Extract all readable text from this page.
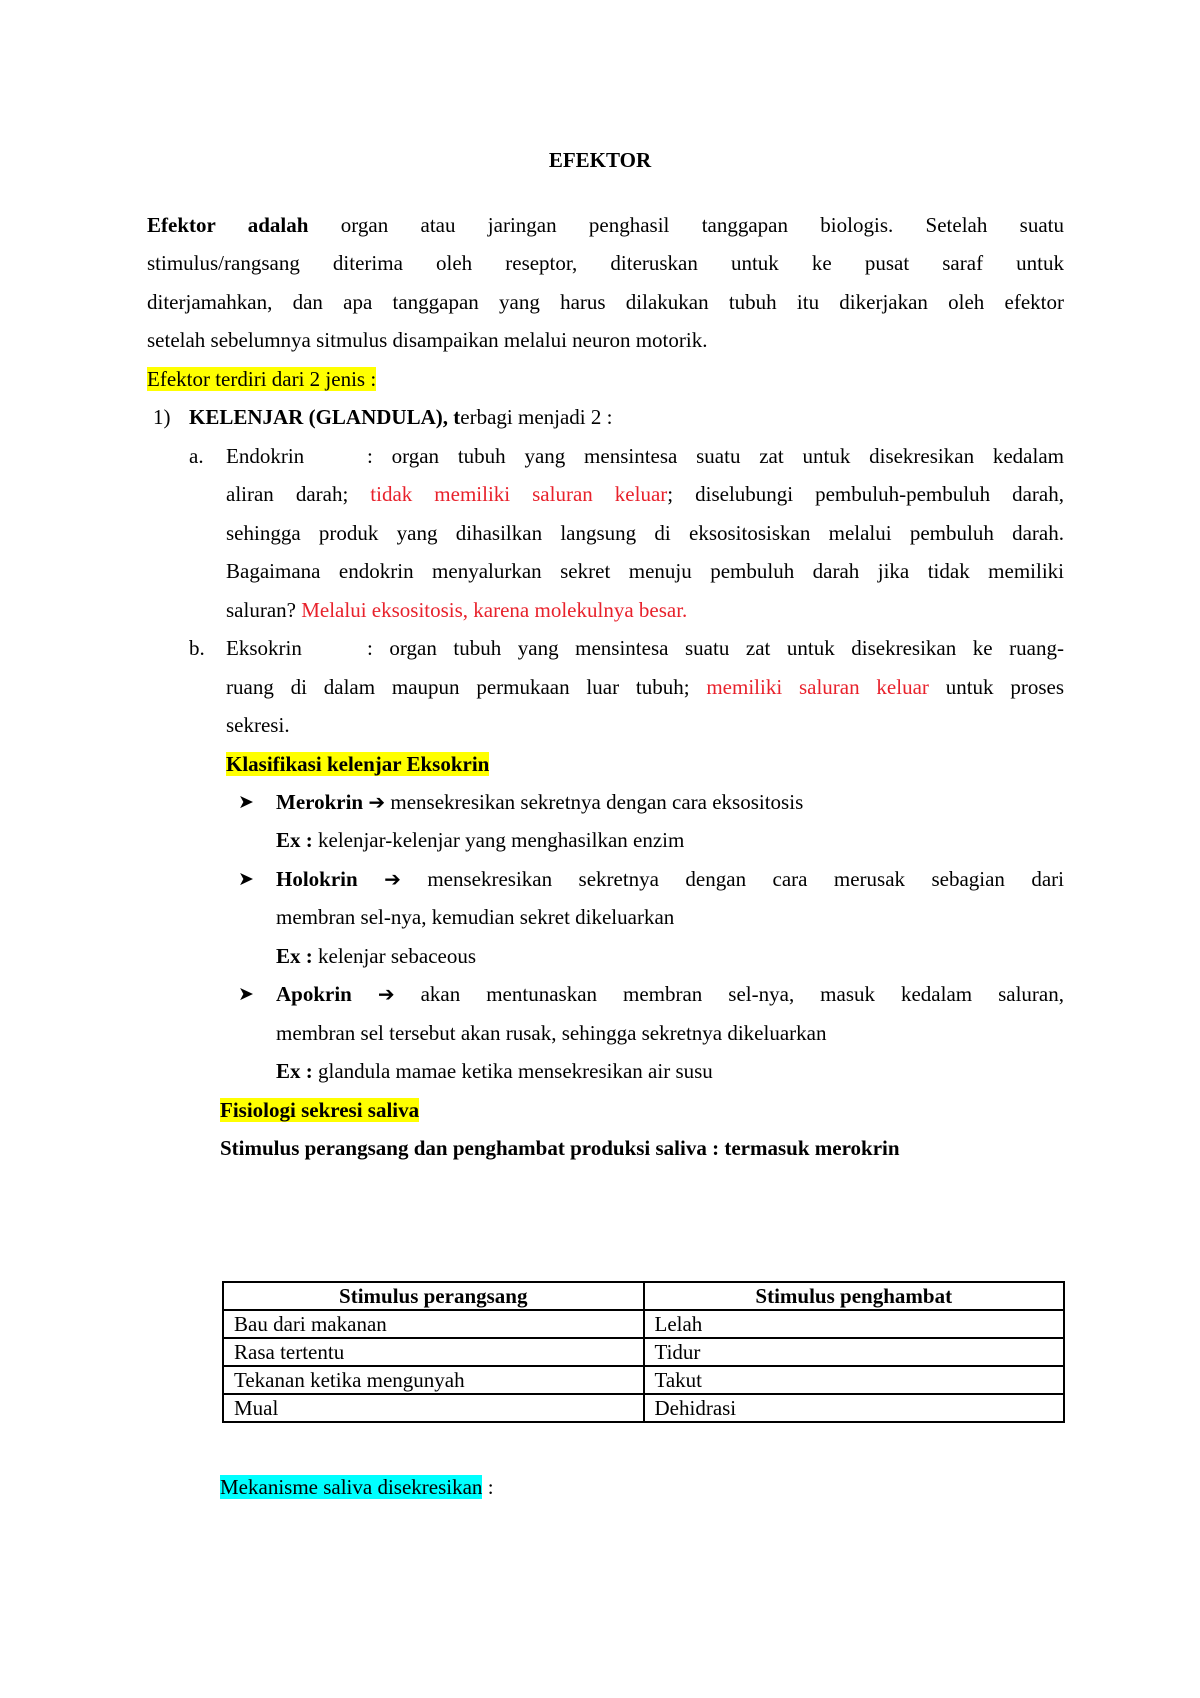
EFEKTOR
Efektor adalah organ atau jaringan penghasil tanggapan biologis. Setelah suatu
stimulus/rangsang diterima oleh reseptor, diteruskan untuk ke pusat saraf untuk
diterjamahkan, dan apa tanggapan yang harus dilakukan tubuh itu dikerjakan oleh efektor
setelah sebelumnya sitmulus disampaikan melalui neuron motorik.
Efektor terdiri dari 2 jenis :
1) KELENJAR (GLANDULA), terbagi menjadi 2 :
a. Endokrin	: organ tubuh yang mensintesa suatu zat untuk disekresikan kedalam
aliran darah; tidak memiliki saluran keluar; diselubungi pembuluh-pembuluh darah,
sehingga produk yang dihasilkan langsung di eksositosiskan melalui pembuluh darah.
Bagaimana endokrin menyalurkan sekret menuju pembuluh darah jika tidak memiliki
saluran? Melalui eksositosis, karena molekulnya besar.
b. Eksokrin	: organ tubuh yang mensintesa suatu zat untuk disekresikan ke ruang-
ruang di dalam maupun permukaan luar tubuh; memiliki saluran keluar untuk proses
sekresi.
Klasifikasi kelenjar Eksokrin
➤ Merokrin ➔ mensekresikan sekretnya dengan cara eksositosis
Ex : kelenjar-kelenjar yang menghasilkan enzim
➤ Holokrin ➔ mensekresikan sekretnya dengan cara merusak sebagian dari
membran sel-nya, kemudian sekret dikeluarkan
Ex : kelenjar sebaceous
➤ Apokrin ➔ akan mentunaskan membran sel-nya, masuk kedalam saluran,
membran sel tersebut akan rusak, sehingga sekretnya dikeluarkan
Ex : glandula mamae ketika mensekresikan air susu
Fisiologi sekresi saliva
Stimulus perangsang dan penghambat produksi saliva : termasuk merokrin
Stimulus perangsang	Stimulus penghambat
Bau dari makanan	Lelah
Rasa tertentu	Tidur
Tekanan ketika mengunyah	Takut
Mual	Dehidrasi
Mekanisme saliva disekresikan :
